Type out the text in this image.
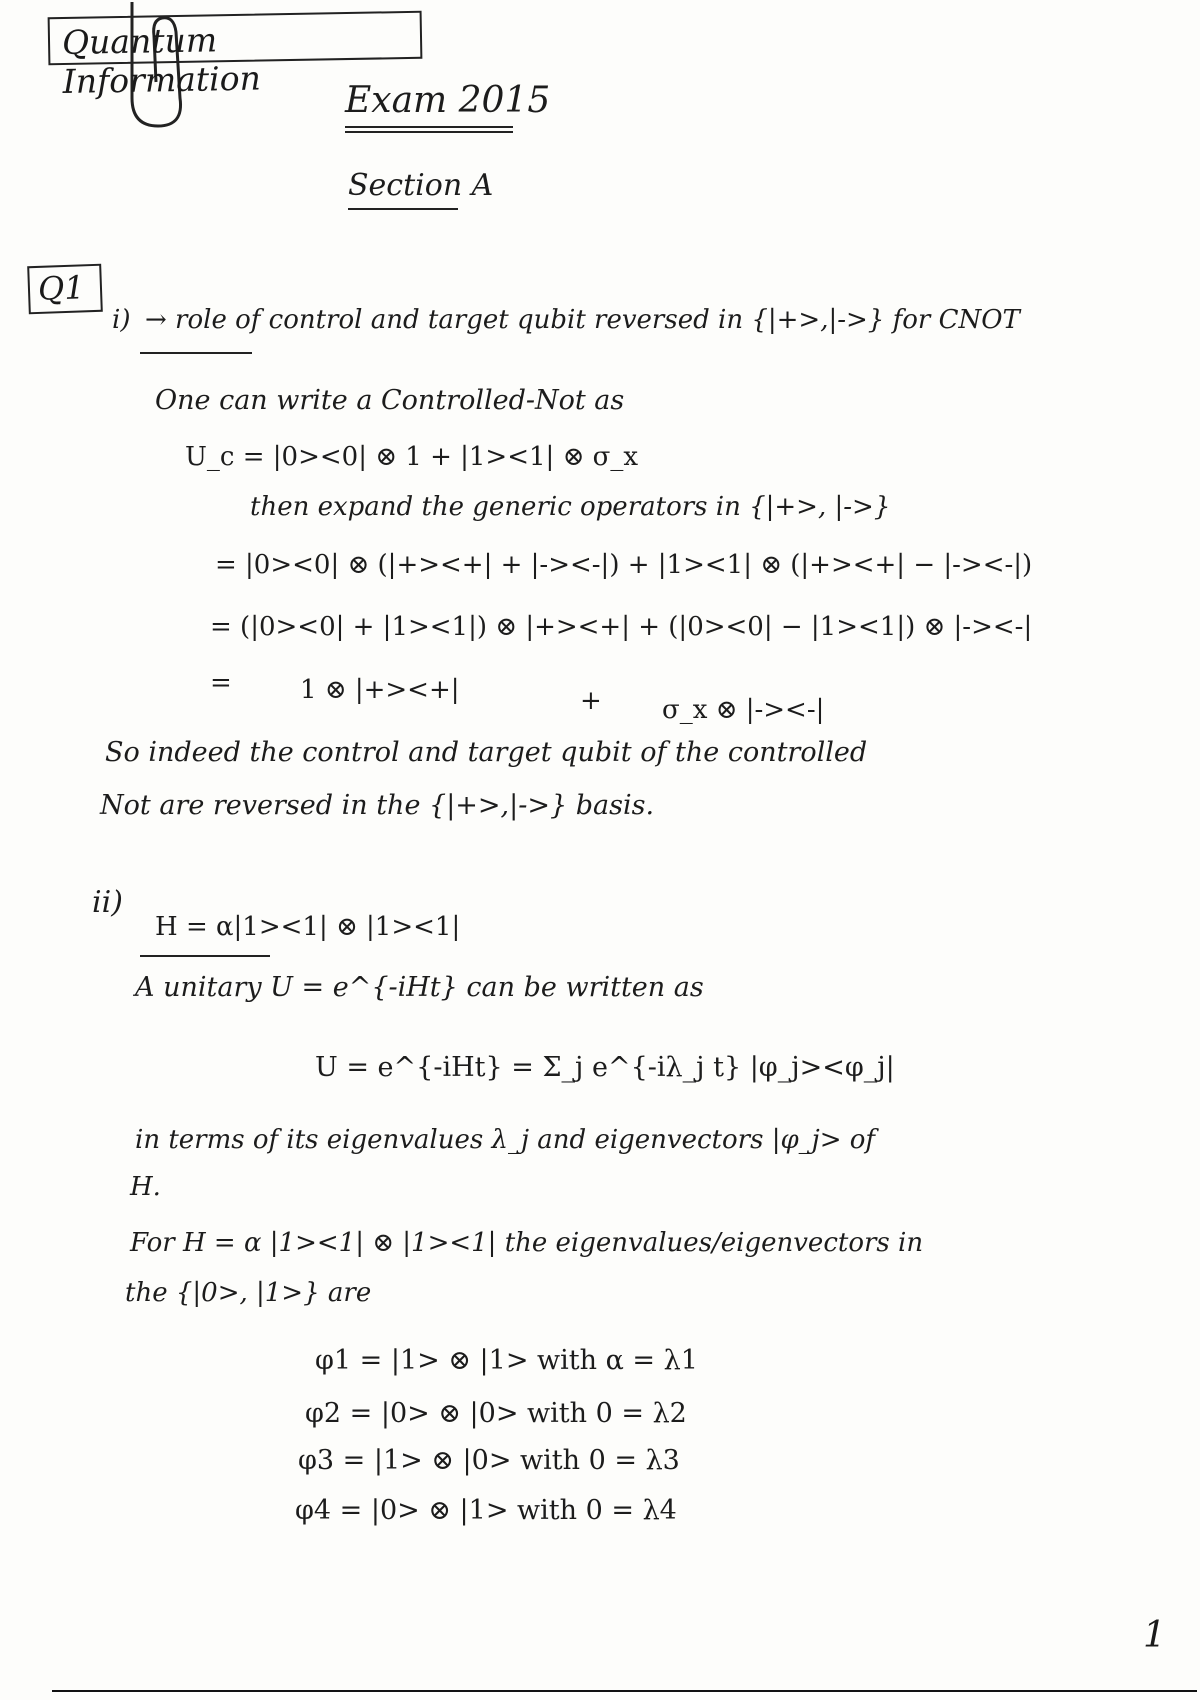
Quantum Information	Exam 2015
Section A
Q1
i) → role of control and target qubit reversed in {|+>,|->} for CNOT
One can write a Controlled-Not as
U_c = |0><0| ⊗ 1 + |1><1| ⊗ σ_x
then expand the generic operators in {|+>, |->}
= |0><0| ⊗ (|+><+| + |-><-|) + |1><1| ⊗ (|+><+| − |-><-|)
= (|0><0| + |1><1|) ⊗ |+><+| + (|0><0| − |1><1|) ⊗ |-><-|
=	1 ⊗ |+><+|	+ σ_x ⊗ |-><-|
So indeed the control and target qubit of the controlled
Not are reversed in the {|+>,|->} basis.
ii)
H = α|1><1| ⊗ |1><1|
A unitary U = e^{-iHt} can be written as
U = e^{-iHt} = Σ_j e^{-iλ_j t} |φ_j><φ_j|
in terms of its eigenvalues λ_j and eigenvectors |φ_j> of
H.
For H = α |1><1| ⊗ |1><1| the eigenvalues/eigenvectors in
the {|0>, |1>} are
φ1 = |1> ⊗ |1> with α = λ1
φ2 = |0> ⊗ |0> with 0 = λ2
φ3 = |1> ⊗ |0> with 0 = λ3
φ4 = |0> ⊗ |1> with 0 = λ4
1
